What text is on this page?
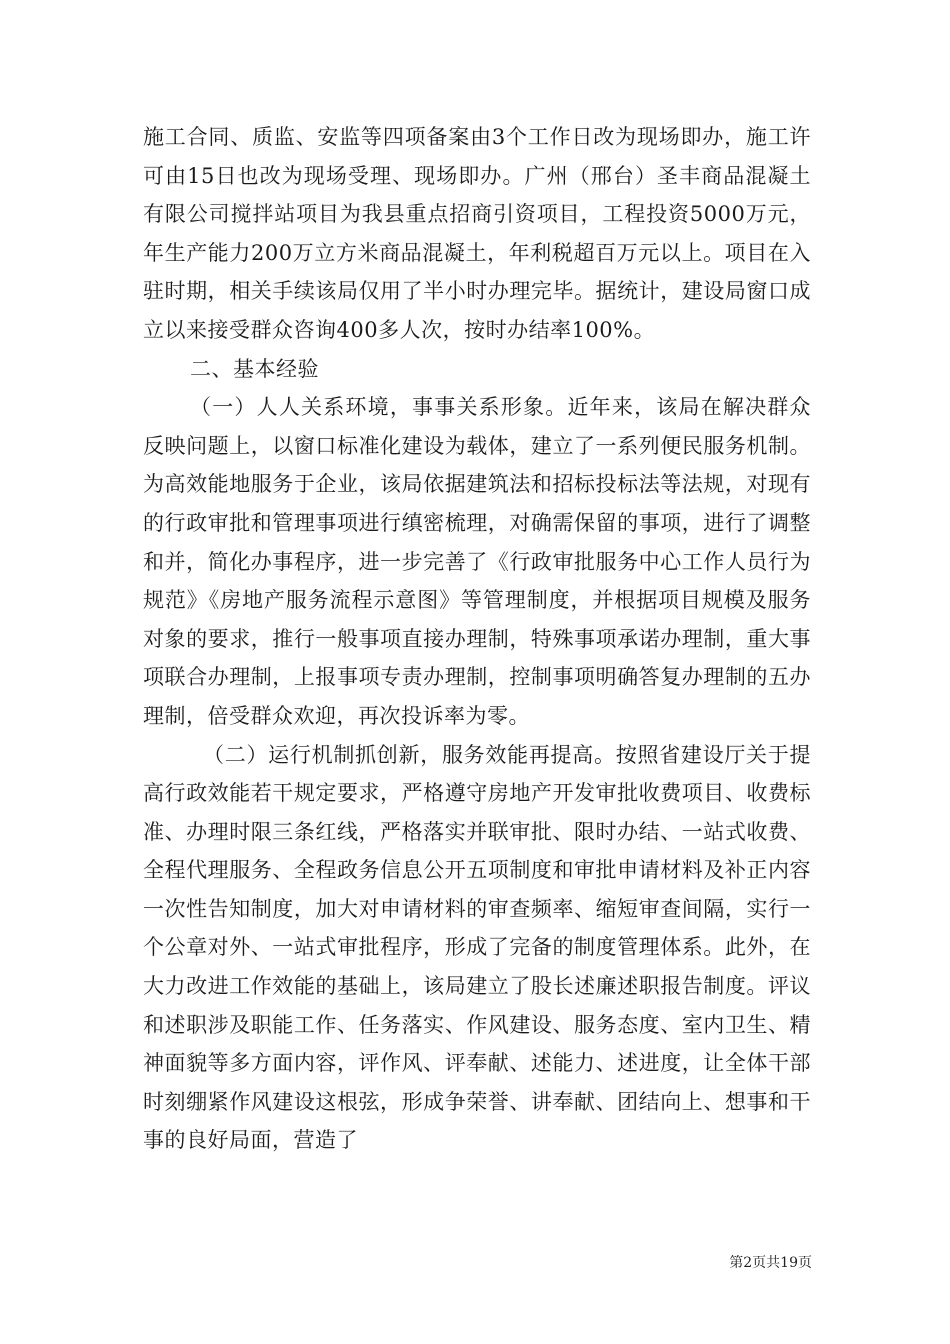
施工合同、质监、安监等四项备案由3个工作日改为现场即办，施工许可由15日也改为现场受理、现场即办。广州（邢台）圣丰商品混凝土有限公司搅拌站项目为我县重点招商引资项目，工程投资5000万元，年生产能力200万立方米商品混凝土，年利税超百万元以上。项目在入驻时期，相关手续该局仅用了半小时办理完毕。据统计，建设局窗口成立以来接受群众咨询400多人次，按时办结率100%。

二、基本经验

（一）人人关系环境，事事关系形象。近年来，该局在解决群众反映问题上，以窗口标准化建设为载体，建立了一系列便民服务机制。为高效能地服务于企业，该局依据建筑法和招标投标法等法规，对现有的行政审批和管理事项进行缜密梳理，对确需保留的事项，进行了调整和并，简化办事程序，进一步完善了《行政审批服务中心工作人员行为规范》《房地产服务流程示意图》等管理制度，并根据项目规模及服务对象的要求，推行一般事项直接办理制，特殊事项承诺办理制，重大事项联合办理制，上报事项专责办理制，控制事项明确答复办理制的五办理制，倍受群众欢迎，再次投诉率为零。

（二）运行机制抓创新，服务效能再提高。按照省建设厅关于提高行政效能若干规定要求，严格遵守房地产开发审批收费项目、收费标准、办理时限三条红线，严格落实并联审批、限时办结、一站式收费、全程代理服务、全程政务信息公开五项制度和审批申请材料及补正内容一次性告知制度，加大对申请材料的审查频率、缩短审查间隔，实行一个公章对外、一站式审批程序，形成了完备的制度管理体系。此外，在大力改进工作效能的基础上，该局建立了股长述廉述职报告制度。评议和述职涉及职能工作、任务落实、作风建设、服务态度、室内卫生、精神面貌等多方面内容，评作风、评奉献、述能力、述进度，让全体干部时刻绷紧作风建设这根弦，形成争荣誉、讲奉献、团结向上、想事和干事的良好局面，营造了

第2页共19页
